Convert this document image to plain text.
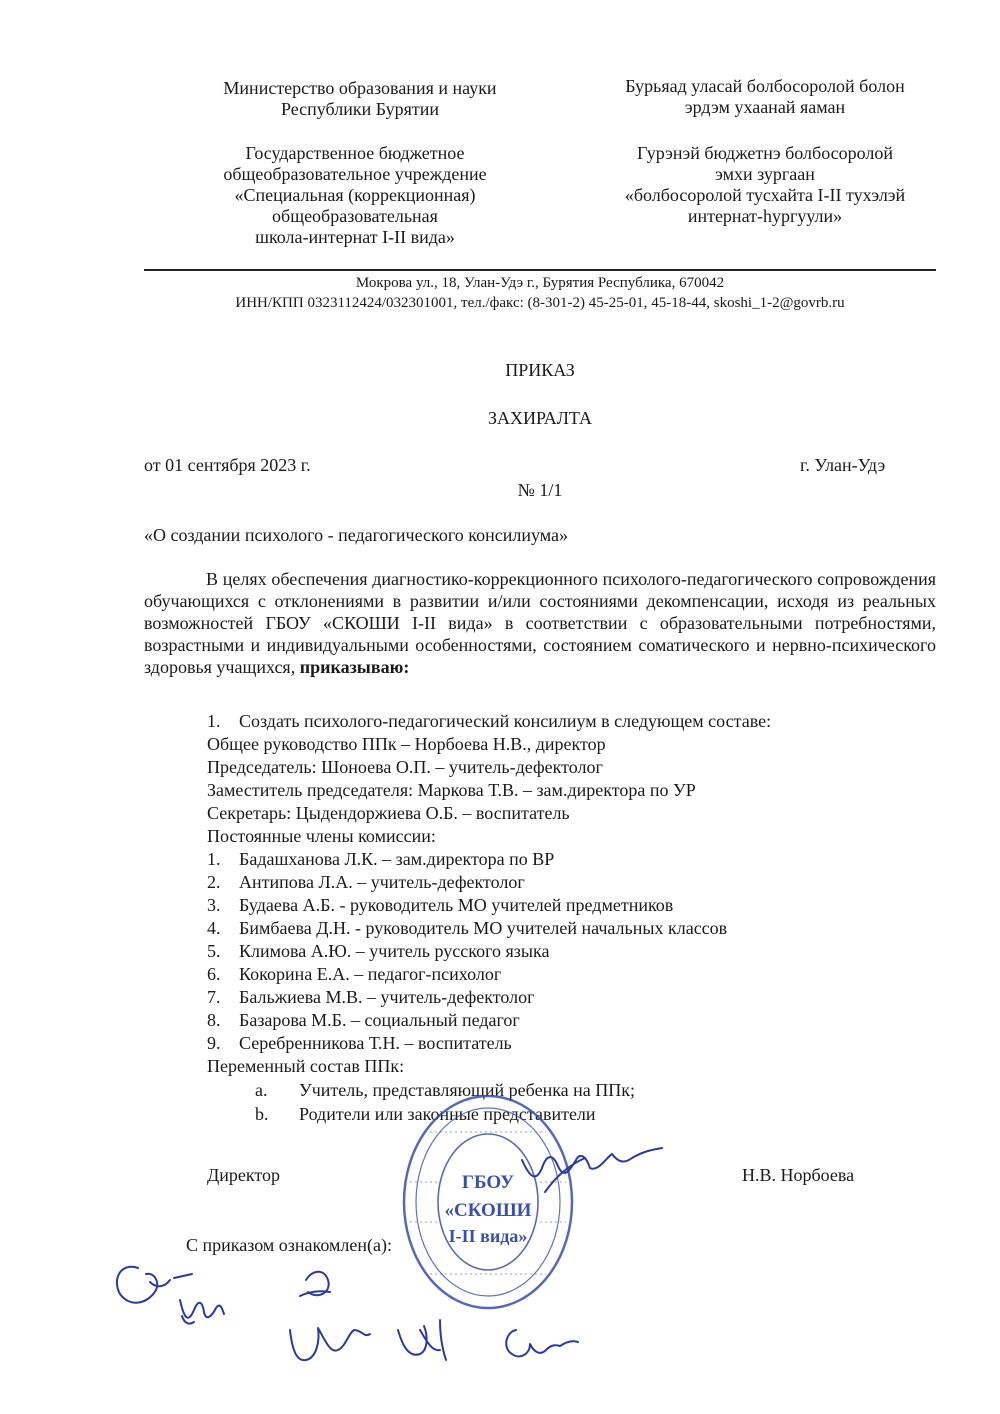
Министерство образования и науки
Республики Бурятии
Государственное бюджетное
общеобразовательное учреждение
«Специальная (коррекционная)
общеобразовательная
школа-интернат I-II вида»
Бурьяад уласай болбосоролой болон
эрдэм ухаанай яаман
Гурэнэй бюджетнэ болбосоролой
эмхи зургаан
«болбосоролой тусхайта I-II тухэлэй
интернат-hургуули»
Мокрова ул., 18, Улан-Удэ г., Бурятия Республика, 670042
ИНН/КПП 0323112424/032301001, тел./факс: (8-301-2) 45-25-01, 45-18-44, skoshi_1-2@govrb.ru
ПРИКАЗ
ЗАХИРАЛТА
от 01 сентября 2023 г.	г. Улан-Удэ
№ 1/1
«О создании психолого - педагогического консилиума»
В целях обеспечения диагностико-коррекционного психолого-педагогического сопровождения обучающихся с отклонениями в развитии и/или состояниями декомпенсации, исходя из реальных возможностей ГБОУ «СКОШИ I-II вида» в соответствии с образовательными потребностями, возрастными и индивидуальными особенностями, состоянием соматического и нервно-психического здоровья учащихся, приказываю:
1. Создать психолого-педагогический консилиум в следующем составе:
Общее руководство ППк – Норбоева Н.В., директор
Председатель: Шоноева О.П. – учитель-дефектолог
Заместитель председателя: Маркова Т.В. – зам.директора по УР
Секретарь: Цыдендоржиева О.Б. – воспитатель
Постоянные члены комиссии:
1. Бадашханова Л.К. – зам.директора по ВР
2. Антипова Л.А. – учитель-дефектолог
3. Будаева А.Б. - руководитель МО учителей предметников
4. Бимбаева Д.Н. - руководитель МО учителей начальных классов
5. Климова А.Ю. – учитель русского языка
6. Кокорина Е.А. – педагог-психолог
7. Бальжиева М.В. – учитель-дефектолог
8. Базарова М.Б. – социальный педагог
9. Серебренникова Т.Н. – воспитатель
Переменный состав ППк:
a. Учитель, представляющий ребенка на ППк;
b. Родители или законные представители
Директор	Н.В. Норбоева
С приказом ознакомлен(а):
ГБОУ
«СКОШИ
I-II вида»
